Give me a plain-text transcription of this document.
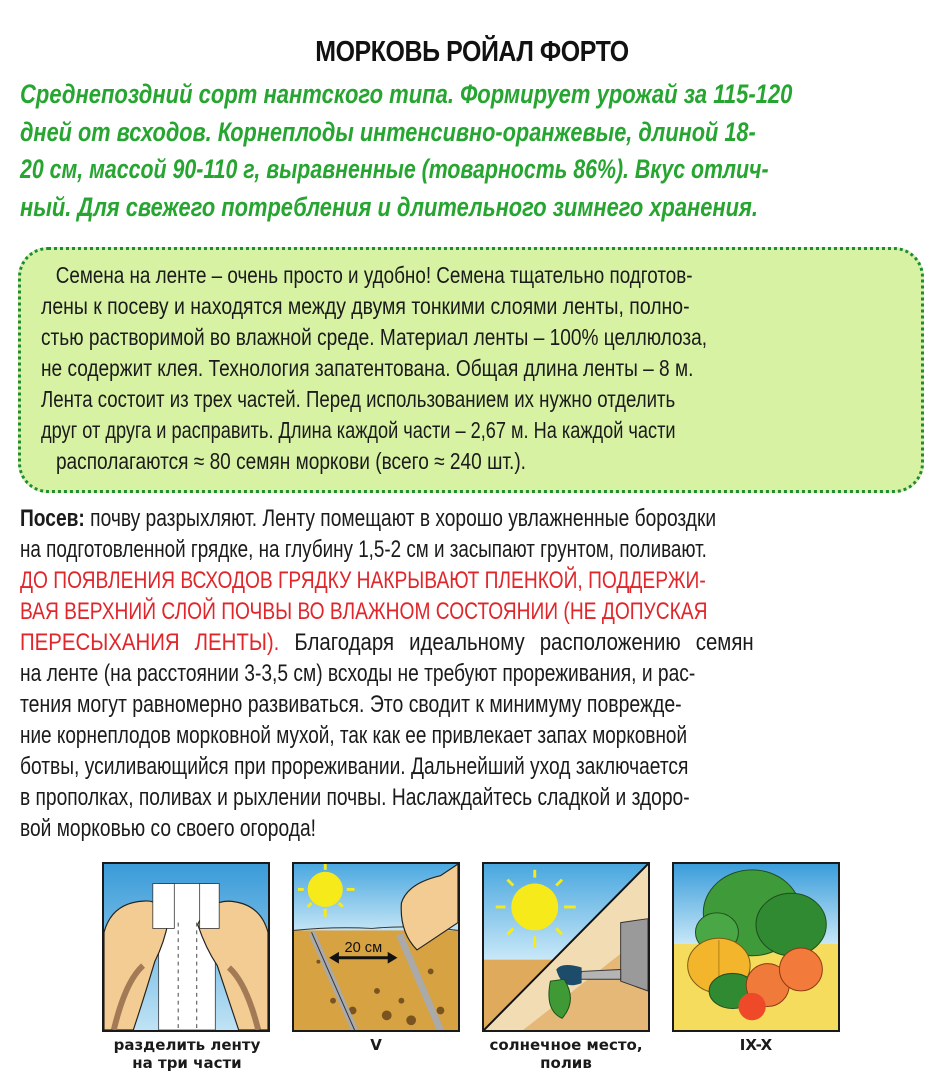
МОРКОВЬ РОЙАЛ ФОРТО
Среднепоздний сорт нантского типа. Формирует урожай за 115-120
дней от всходов. Корнеплоды интенсивно-оранжевые, длиной 18-
20 см, массой 90-110 г, выравненные (товарность 86%). Вкус отлич-
ный. Для свежего потребления и длительного зимнего хранения.
Семена на ленте – очень просто и удобно! Семена тщательно подготов-
лены к посеву и находятся между двумя тонкими слоями ленты, полно-
стью растворимой во влажной среде. Материал ленты – 100% целлюлоза,
не содержит клея. Технология запатентована. Общая длина ленты – 8 м.
Лента состоит из трех частей. Перед использованием их нужно отделить
друг от друга и расправить. Длина каждой части – 2,67 м. На каждой части
располагаются ≈ 80 семян моркови (всего ≈ 240 шт.).
Посев: почву разрыхляют. Ленту помещают в хорошо увлажненные бороздки
на подготовленной грядке, на глубину 1,5-2 см и засыпают грунтом, поливают.
ДО ПОЯВЛЕНИЯ ВСХОДОВ ГРЯДКУ НАКРЫВАЮТ ПЛЕНКОЙ, ПОДДЕРЖИ-
ВАЯ ВЕРХНИЙ СЛОЙ ПОЧВЫ ВО ВЛАЖНОМ СОСТОЯНИИ (НЕ ДОПУСКАЯ
ПЕРЕСЫХАНИЯ ЛЕНТЫ). Благодаря идеальному расположению семян
на ленте (на расстоянии 3-3,5 см) всходы не требуют прореживания, и рас-
тения могут равномерно развиваться. Это сводит к минимуму поврежде-
ние корнеплодов морковной мухой, так как ее привлекает запах морковной
ботвы, усиливающийся при прореживании. Дальнейший уход заключается
в прополках, поливах и рыхлении почвы. Наслаждайтесь сладкой и здоро-
вой морковью со своего огорода!
разделить ленту
на три части
20 см
V	солнечное место,
полив
IX-X
